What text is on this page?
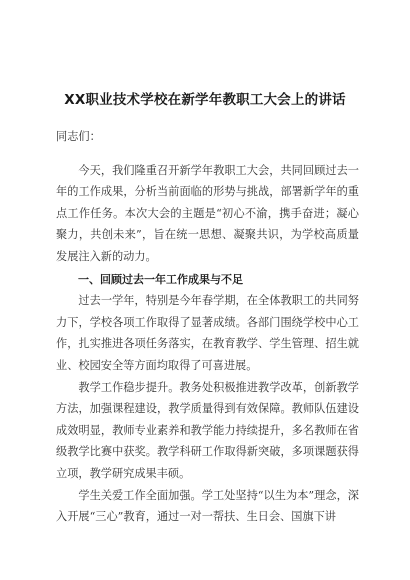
XX职业技术学校在新学年教职工大会上的讲话

同志们：

今天，我们隆重召开新学年教职工大会，共同回顾过去一年的工作成果，分析当前面临的形势与挑战，部署新学年的重点工作任务。本次大会的主题是“初心不渝，携手奋进；凝心聚力，共创未来”，旨在统一思想、凝聚共识，为学校高质量发展注入新的动力。

一、回顾过去一年工作成果与不足

过去一学年，特别是今年春学期，在全体教职工的共同努力下，学校各项工作取得了显著成绩。各部门围绕学校中心工作，扎实推进各项任务落实，在教育教学、学生管理、招生就业、校园安全等方面均取得了可喜进展。

教学工作稳步提升。教务处积极推进教学改革，创新教学方法，加强课程建设，教学质量得到有效保障。教师队伍建设成效明显，教师专业素养和教学能力持续提升，多名教师在省级教学比赛中获奖。教学科研工作取得新突破，多项课题获得立项，教学研究成果丰硕。

学生关爱工作全面加强。学工处坚持“以生为本”理念，深入开展“三心”教育，通过一对一帮扶、生日会、国旗下讲
